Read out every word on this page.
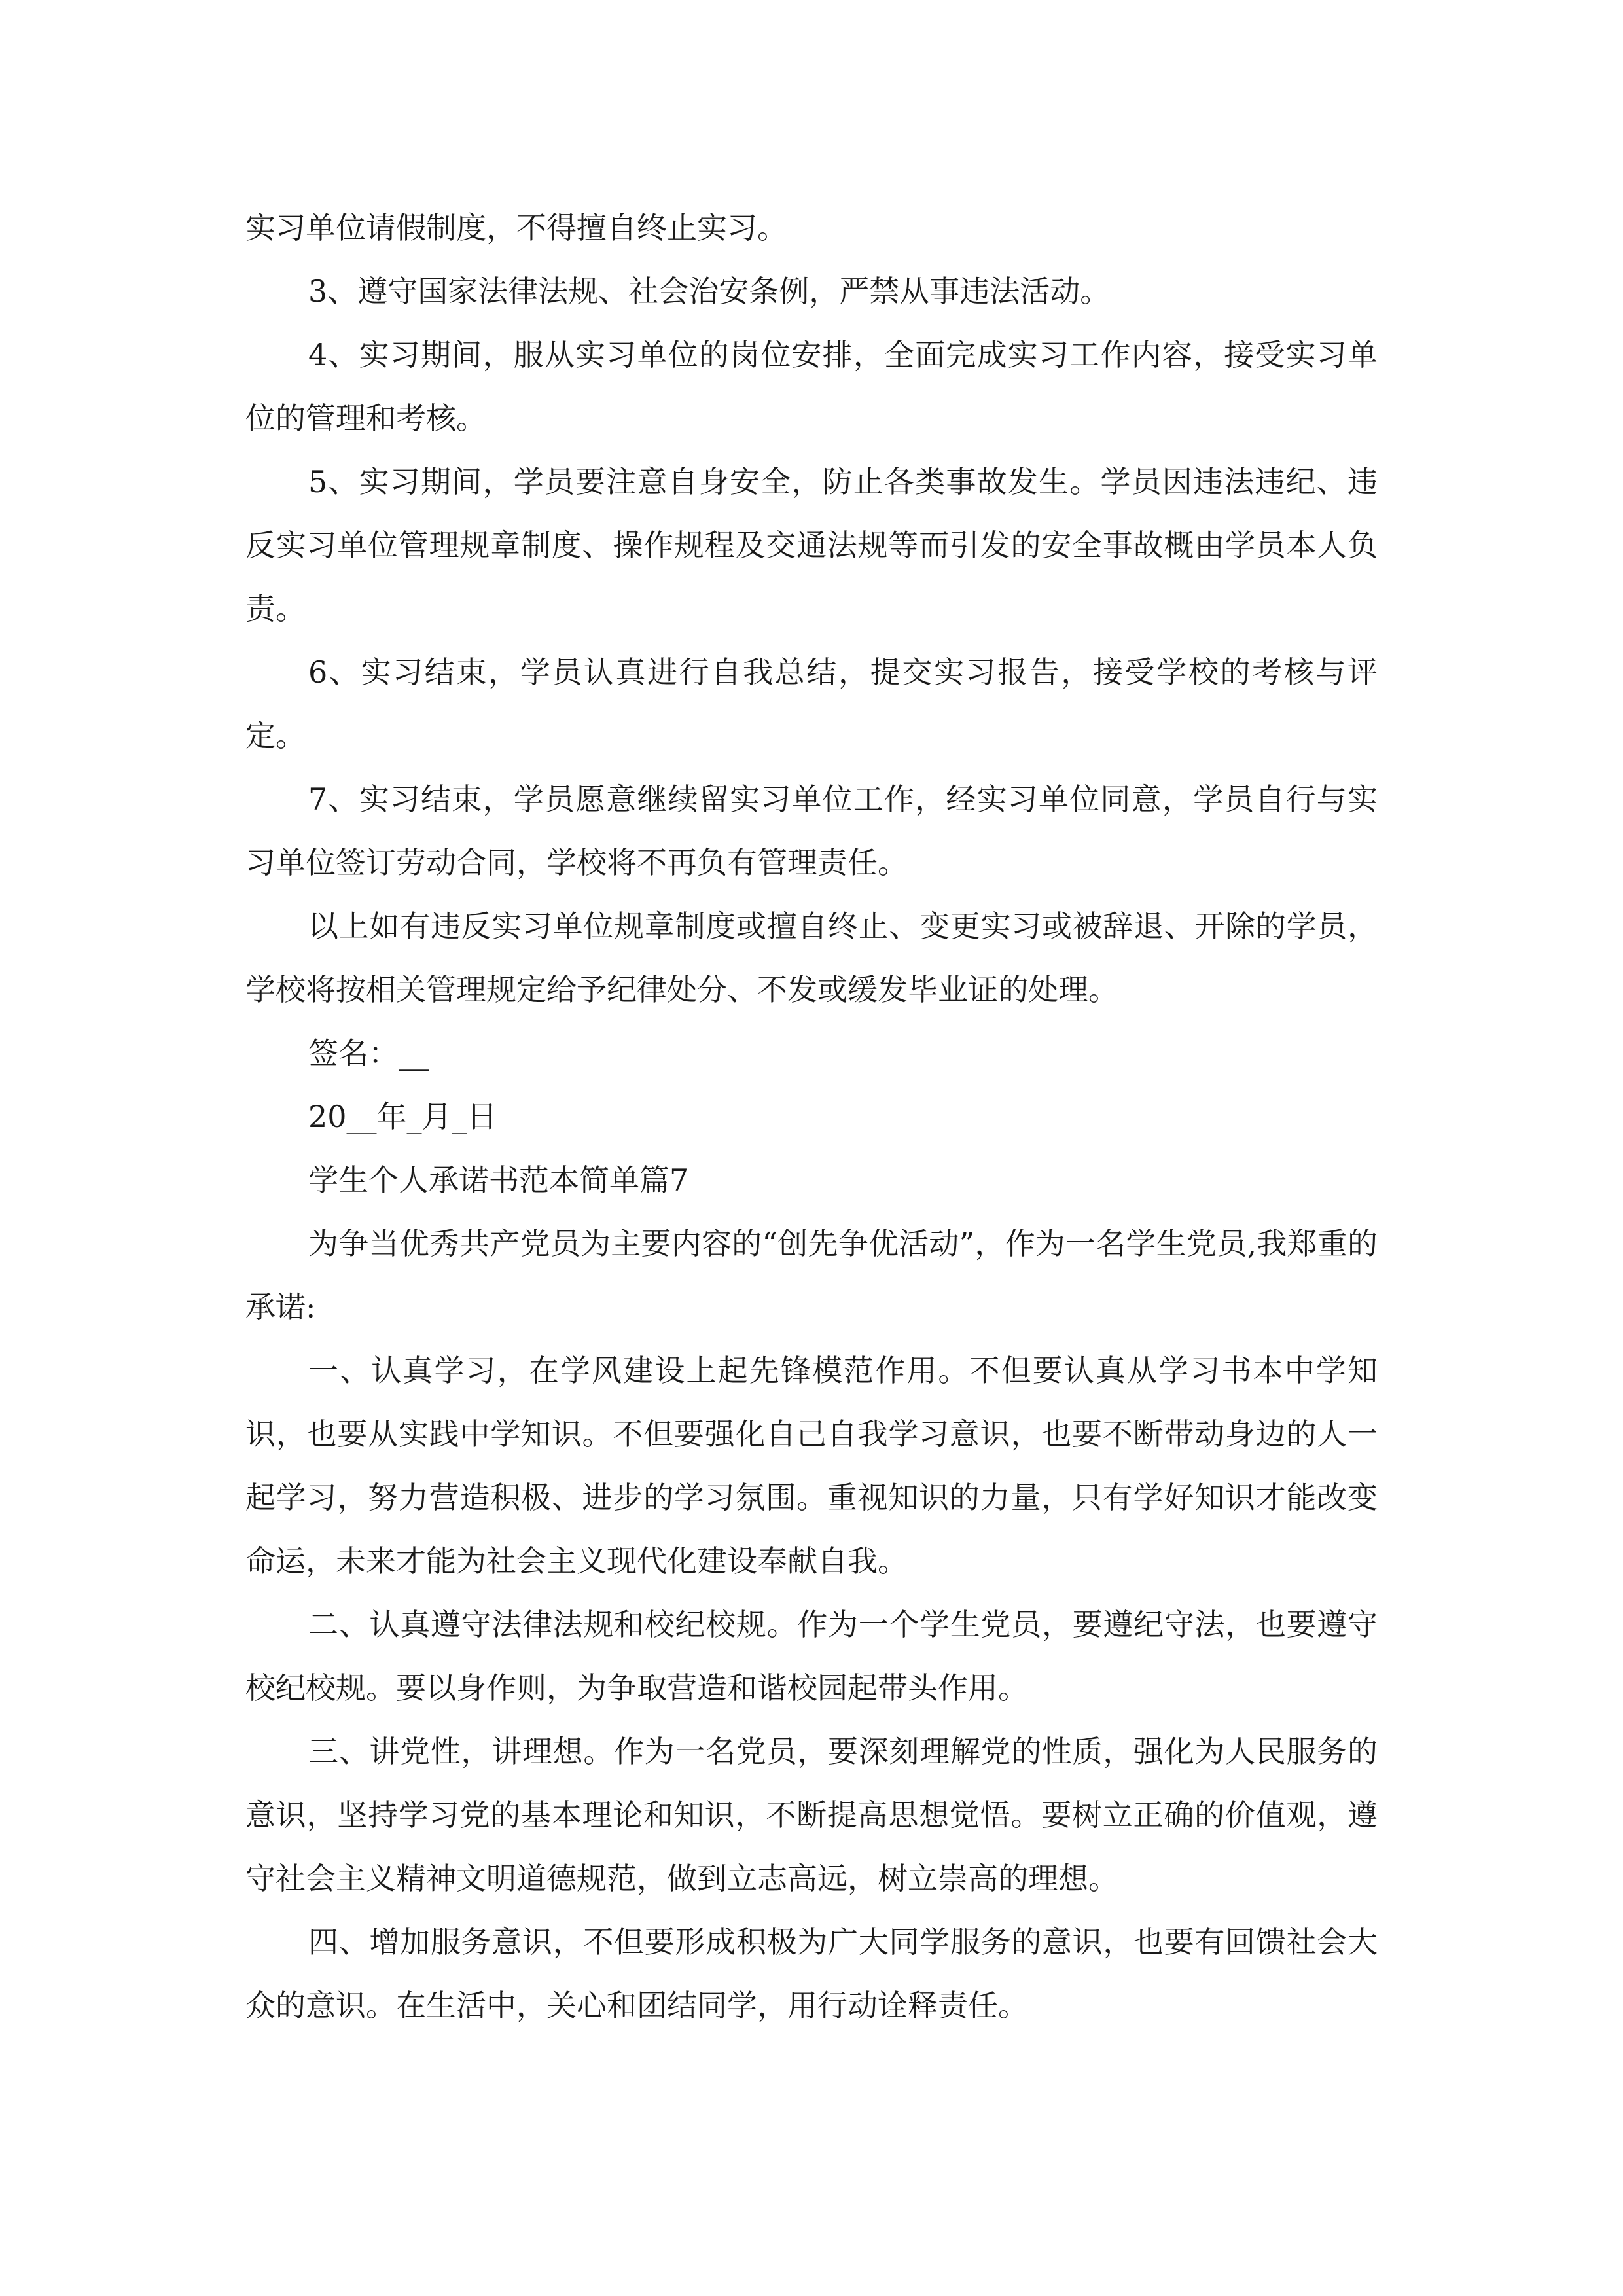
实习单位请假制度，不得擅自终止实习。

3、遵守国家法律法规、社会治安条例，严禁从事违法活动。

4、实习期间，服从实习单位的岗位安排，全面完成实习工作内容，接受实习单位的管理和考核。

5、实习期间，学员要注意自身安全，防止各类事故发生。学员因违法违纪、违反实习单位管理规章制度、操作规程及交通法规等而引发的安全事故概由学员本人负责。

6、实习结束，学员认真进行自我总结，提交实习报告，接受学校的考核与评定。

7、实习结束，学员愿意继续留实习单位工作，经实习单位同意，学员自行与实习单位签订劳动合同，学校将不再负有管理责任。

以上如有违反实习单位规章制度或擅自终止、变更实习或被辞退、开除的学员，学校将按相关管理规定给予纪律处分、不发或缓发毕业证的处理。

签名：__

20__年_月_日

学生个人承诺书范本简单篇7

为争当优秀共产党员为主要内容的“创先争优活动”，作为一名学生党员,我郑重的承诺:

一、认真学习，在学风建设上起先锋模范作用。不但要认真从学习书本中学知识，也要从实践中学知识。不但要强化自己自我学习意识，也要不断带动身边的人一起学习，努力营造积极、进步的学习氛围。重视知识的力量，只有学好知识才能改变命运，未来才能为社会主义现代化建设奉献自我。

二、认真遵守法律法规和校纪校规。作为一个学生党员，要遵纪守法，也要遵守校纪校规。要以身作则，为争取营造和谐校园起带头作用。

三、讲党性，讲理想。作为一名党员，要深刻理解党的性质，强化为人民服务的意识，坚持学习党的基本理论和知识，不断提高思想觉悟。要树立正确的价值观，遵守社会主义精神文明道德规范，做到立志高远，树立崇高的理想。

四、增加服务意识，不但要形成积极为广大同学服务的意识，也要有回馈社会大众的意识。在生活中，关心和团结同学，用行动诠释责任。
